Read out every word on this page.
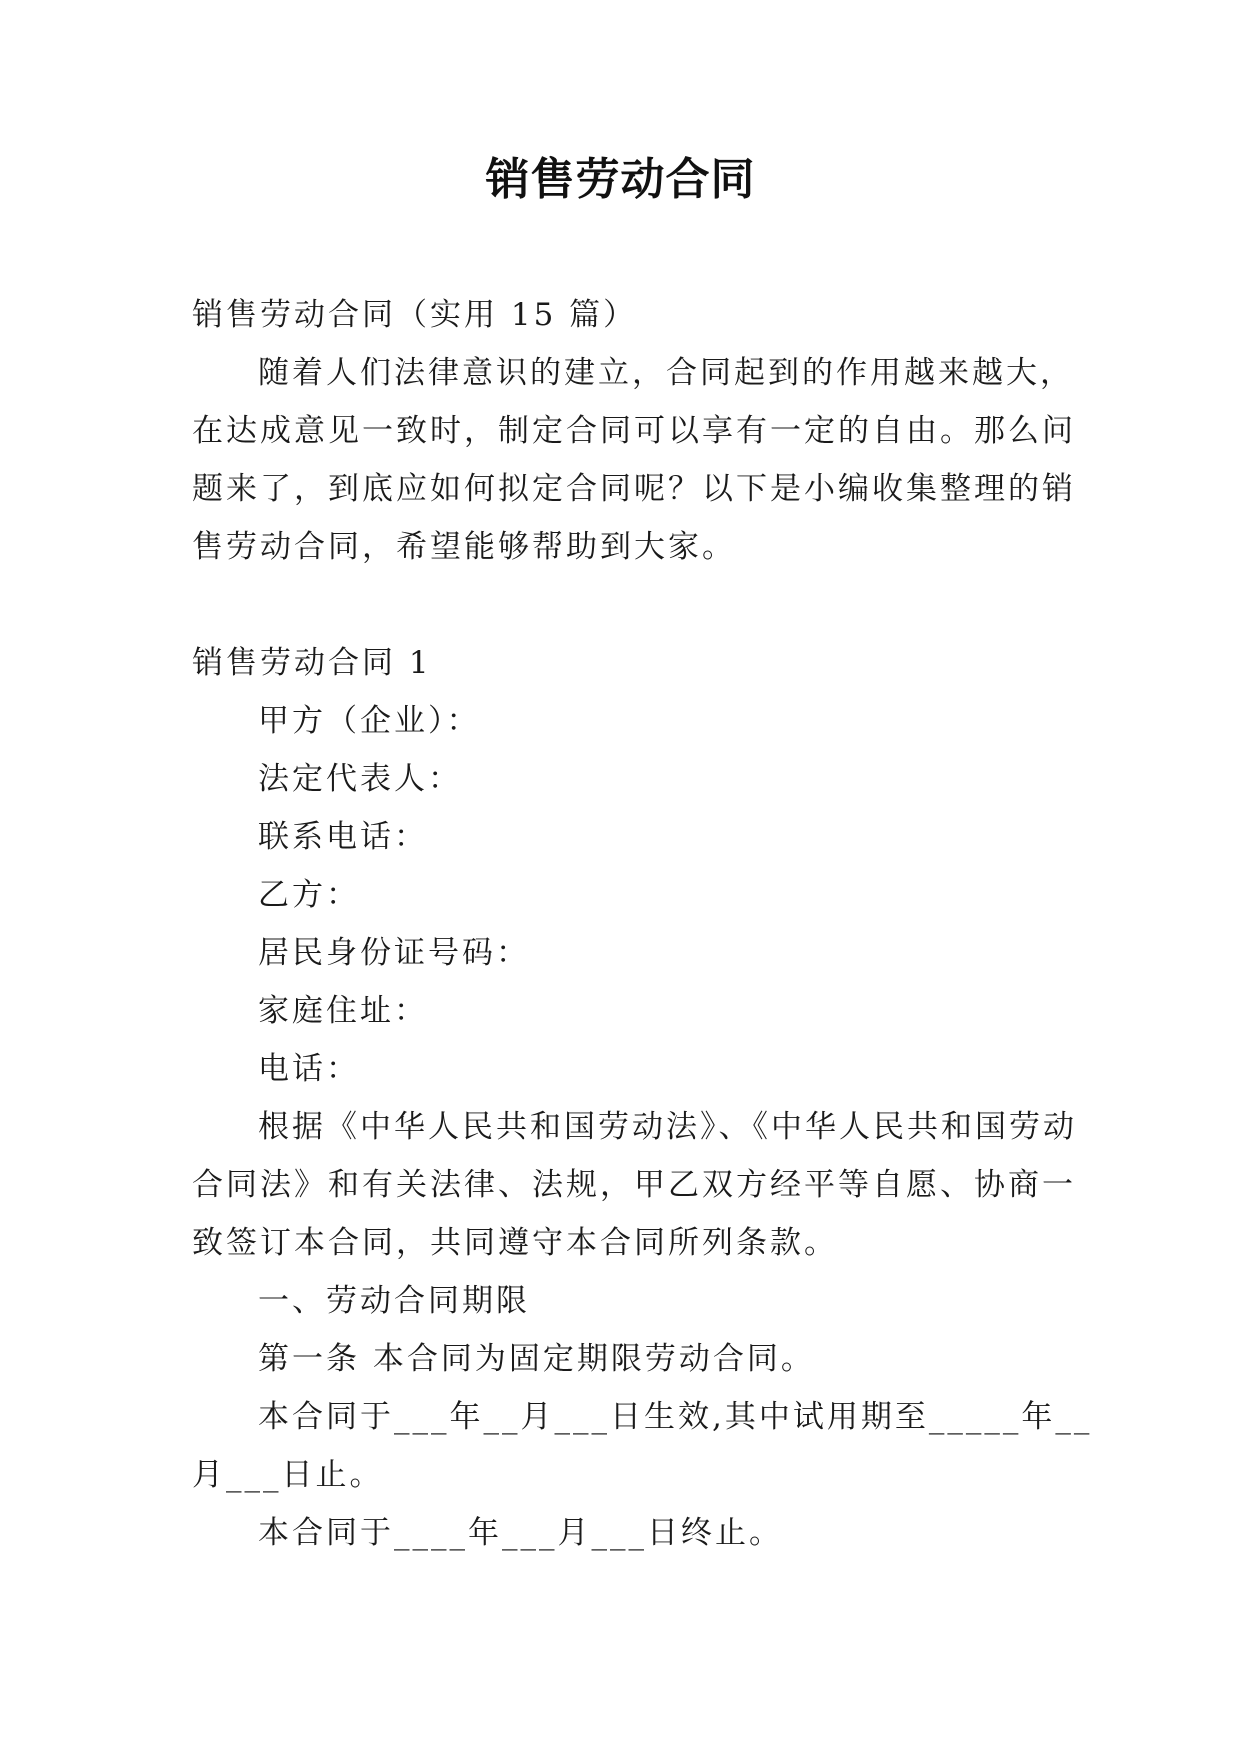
销售劳动合同
销售劳动合同（实用 15 篇）
随着人们法律意识的建立，合同起到的作用越来越大，
在达成意见一致时，制定合同可以享有一定的自由。那么问
题来了，到底应如何拟定合同呢？以下是小编收集整理的销
售劳动合同，希望能够帮助到大家。
销售劳动合同 1
甲方（企业）：
法定代表人：
联系电话：
乙方：
居民身份证号码：
家庭住址：
电话：
根据《中华人民共和国劳动法》、《中华人民共和国劳动
合同法》和有关法律、法规，甲乙双方经平等自愿、协商一
致签订本合同，共同遵守本合同所列条款。
一、劳动合同期限
第一条 本合同为固定期限劳动合同。
本合同于___年__月___日生效,其中试用期至_____年__
月___日止。
本合同于____年___月___日终止。
